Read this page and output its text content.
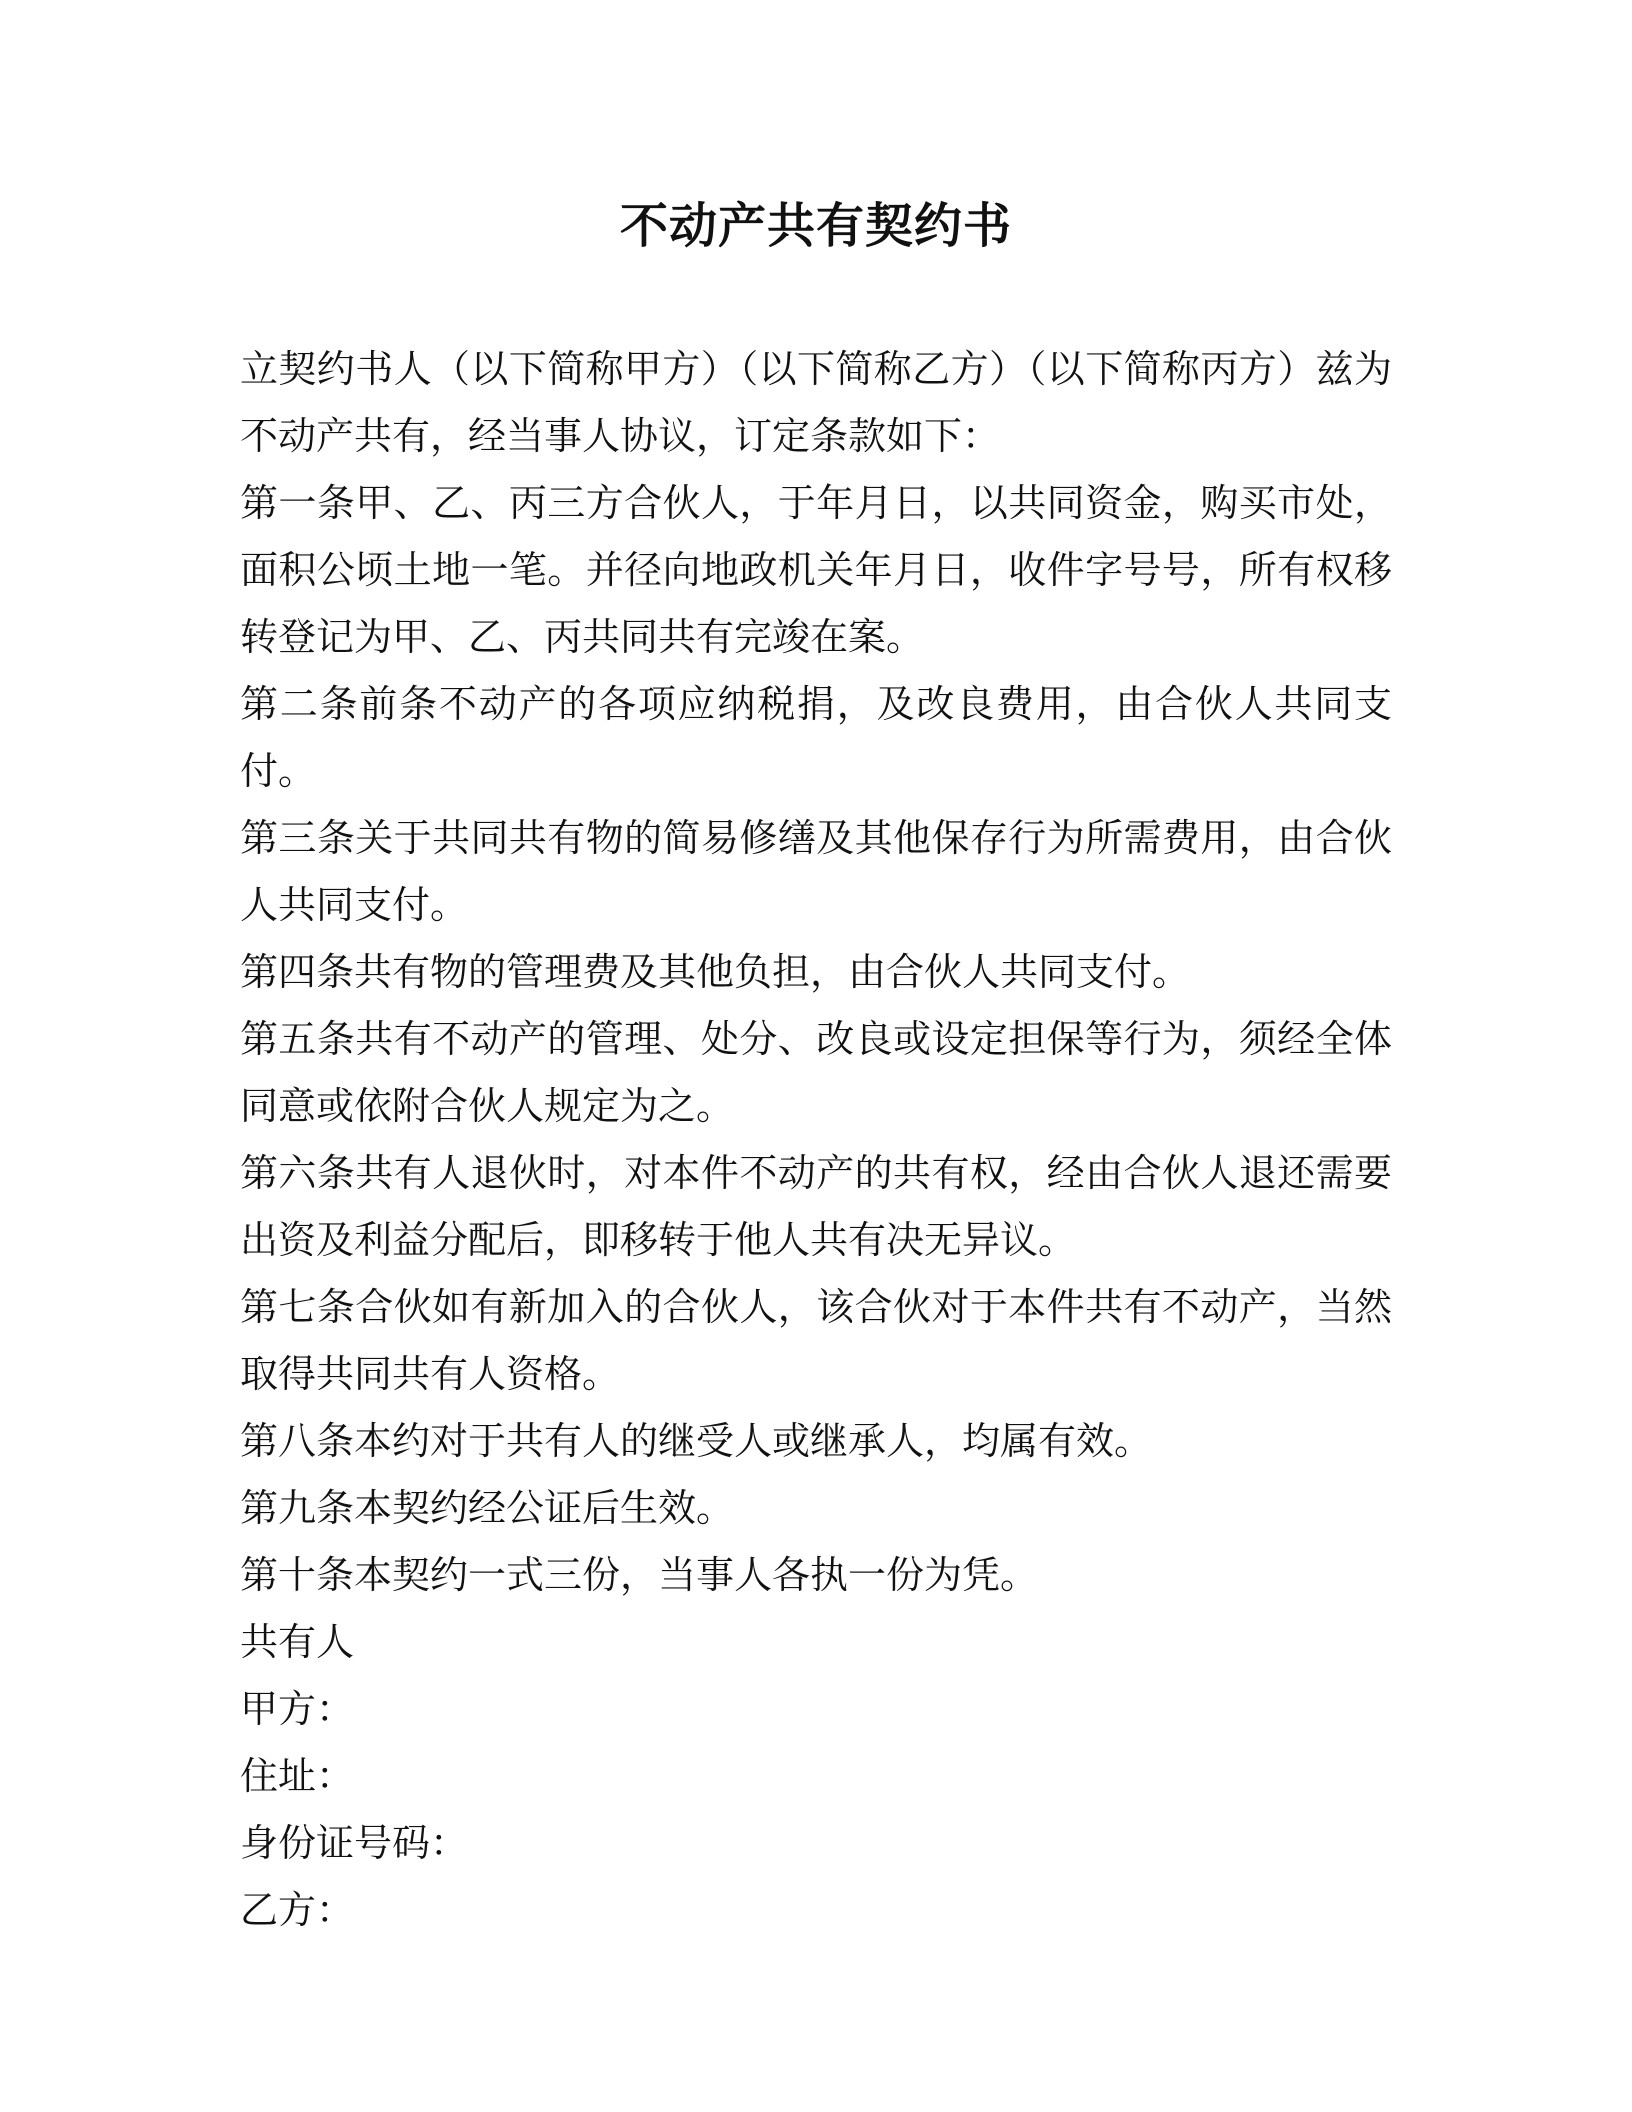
不动产共有契约书

立契约书人（以下简称甲方）（以下简称乙方）（以下简称丙方）兹为不动产共有，经当事人协议，订定条款如下：

第一条甲、乙、丙三方合伙人，于年月日，以共同资金，购买市处，面积公顷土地一笔。并径向地政机关年月日，收件字号号，所有权移转登记为甲、乙、丙共同共有完竣在案。

第二条前条不动产的各项应纳税捐，及改良费用，由合伙人共同支付。

第三条关于共同共有物的简易修缮及其他保存行为所需费用，由合伙人共同支付。

第四条共有物的管理费及其他负担，由合伙人共同支付。

第五条共有不动产的管理、处分、改良或设定担保等行为，须经全体同意或依附合伙人规定为之。

第六条共有人退伙时，对本件不动产的共有权，经由合伙人退还需要出资及利益分配后，即移转于他人共有决无异议。

第七条合伙如有新加入的合伙人，该合伙对于本件共有不动产，当然取得共同共有人资格。

第八条本约对于共有人的继受人或继承人，均属有效。

第九条本契约经公证后生效。

第十条本契约一式三份，当事人各执一份为凭。

共有人

甲方：

住址：

身份证号码：

乙方：
